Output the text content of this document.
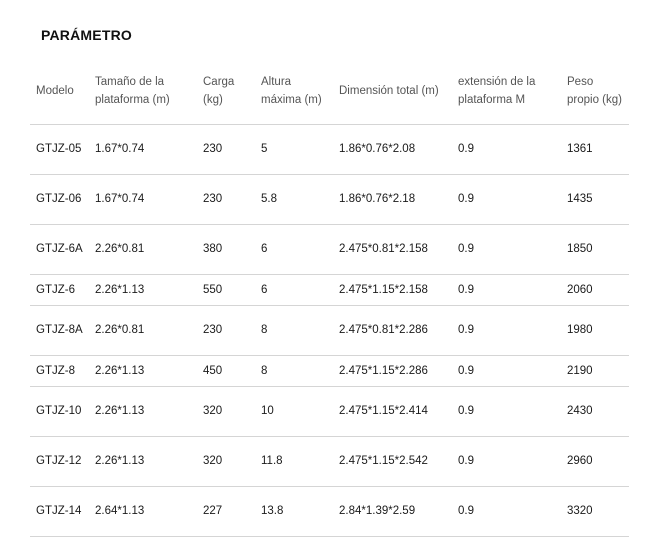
PARÁMETRO
Modelo	Tamaño de la plataforma (m)	Carga (kg)	Altura máxima (m)	Dimensión total (m)	extensión de la plataforma M	Peso propio (kg)
GTJZ-05	1.67*0.74	230	5	1.86*0.76*2.08	0.9	1361
GTJZ-06	1.67*0.74	230	5.8	1.86*0.76*2.18	0.9	1435
GTJZ-6A	2.26*0.81	380	6	2.475*0.81*2.158	0.9	1850
GTJZ-6	2.26*1.13	550	6	2.475*1.15*2.158	0.9	2060
GTJZ-8A	2.26*0.81	230	8	2.475*0.81*2.286	0.9	1980
GTJZ-8	2.26*1.13	450	8	2.475*1.15*2.286	0.9	2190
GTJZ-10	2.26*1.13	320	10	2.475*1.15*2.414	0.9	2430
GTJZ-12	2.26*1.13	320	11.8	2.475*1.15*2.542	0.9	2960
GTJZ-14	2.64*1.13	227	13.8	2.84*1.39*2.59	0.9	3320
